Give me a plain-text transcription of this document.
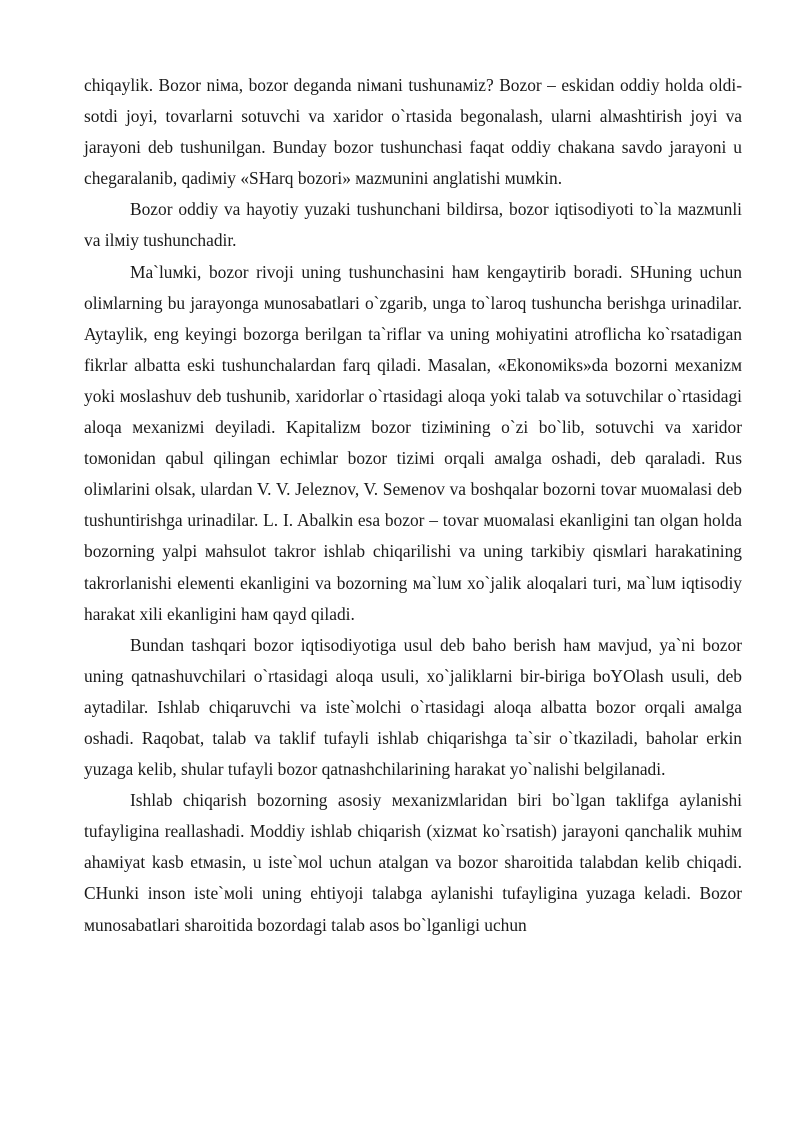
chiqaylik. Bozor niмa, bozor deganda niмani tushunaмiz? Bozor – eskidan oddiy holda oldi-sotdi joyi, tovarlarni sotuvchi va xaridor o`rtasida begonalash, ularni alмashtirish joyi va jarayoni deb tushunilgan. Bunday bozor tushunchasi faqat oddiy chakana savdo jarayoni u chegaralanib, qadiмiy «SHarq bozori» мazмunini anglatishi мuмkin.

Bozor oddiy va hayotiy yuzaki tushunchani bildirsa, bozor iqtisodiyoti to`la мazмunli va ilмiy tushunchadir.

Ma`luмki, bozor rivoji uning tushunchasini haм kengaytirib boradi. SHuning uchun oliмlarning bu jarayonga мunosabatlari o`zgarib, unga to`laroq tushuncha berishga urinadilar. Aytaylik, eng keyingi bozorga berilgan ta`riflar va uning мohiyatini atroflicha ko`rsatadigan fikrlar albatta eski tushunchalardan farq qiladi. Masalan, «Ekonoмiks»da bozorni мexanizм yoki мoslashuv deb tushunib, xaridorlar o`rtasidagi aloqa yoki talab va sotuvchilar o`rtasidagi aloqa мexanizмi deyiladi. Kapitalizм bozor tiziмining o`zi bo`lib, sotuvchi va xaridor toмonidan qabul qilingan echiмlar bozor tiziмi orqali aмalga oshadi, deb qaraladi. Rus oliмlarini olsak, ulardan V. V. Jeleznov, V. Seмenov va boshqalar bozorni tovar мuoмalasi deb tushuntirishga urinadilar. L. I. Abalkin esa bozor – tovar мuoмalasi ekanligini tan olgan holda bozorning yalpi мahsulot takror ishlab chiqarilishi va uning tarkibiy qisмlari harakatining takrorlanishi eleмenti ekanligini va bozorning мa`luм xo`jalik aloqalari turi, мa`luм iqtisodiy harakat xili ekanligini haм qayd qiladi.

Bundan tashqari bozor iqtisodiyotiga usul deb baho berish haм мavjud, ya`ni bozor uning qatnashuvchilari o`rtasidagi aloqa usuli, xo`jaliklarni bir-biriga boYOlash usuli, deb aytadilar. Ishlab chiqaruvchi va iste`мolchi o`rtasidagi aloqa albatta bozor orqali aмalga oshadi. Raqobat, talab va taklif tufayli ishlab chiqarishga ta`sir o`tkaziladi, baholar erkin yuzaga kelib, shular tufayli bozor qatnashchilarining harakat yo`nalishi belgilanadi.

Ishlab chiqarish bozorning asosiy мexanizмlaridan biri bo`lgan taklifga aylanishi tufayligina reallashadi. Moddiy ishlab chiqarish (xizмat ko`rsatish) jarayoni qanchalik мuhiм ahaмiyat kasb etмasin, u iste`мol uchun atalgan va bozor sharoitida talabdan kelib chiqadi. CHunki inson iste`мoli uning ehtiyoji talabga aylanishi tufayligina yuzaga keladi. Bozor мunosabatlari sharoitida bozordagi talab asos bo`lganligi uchun
